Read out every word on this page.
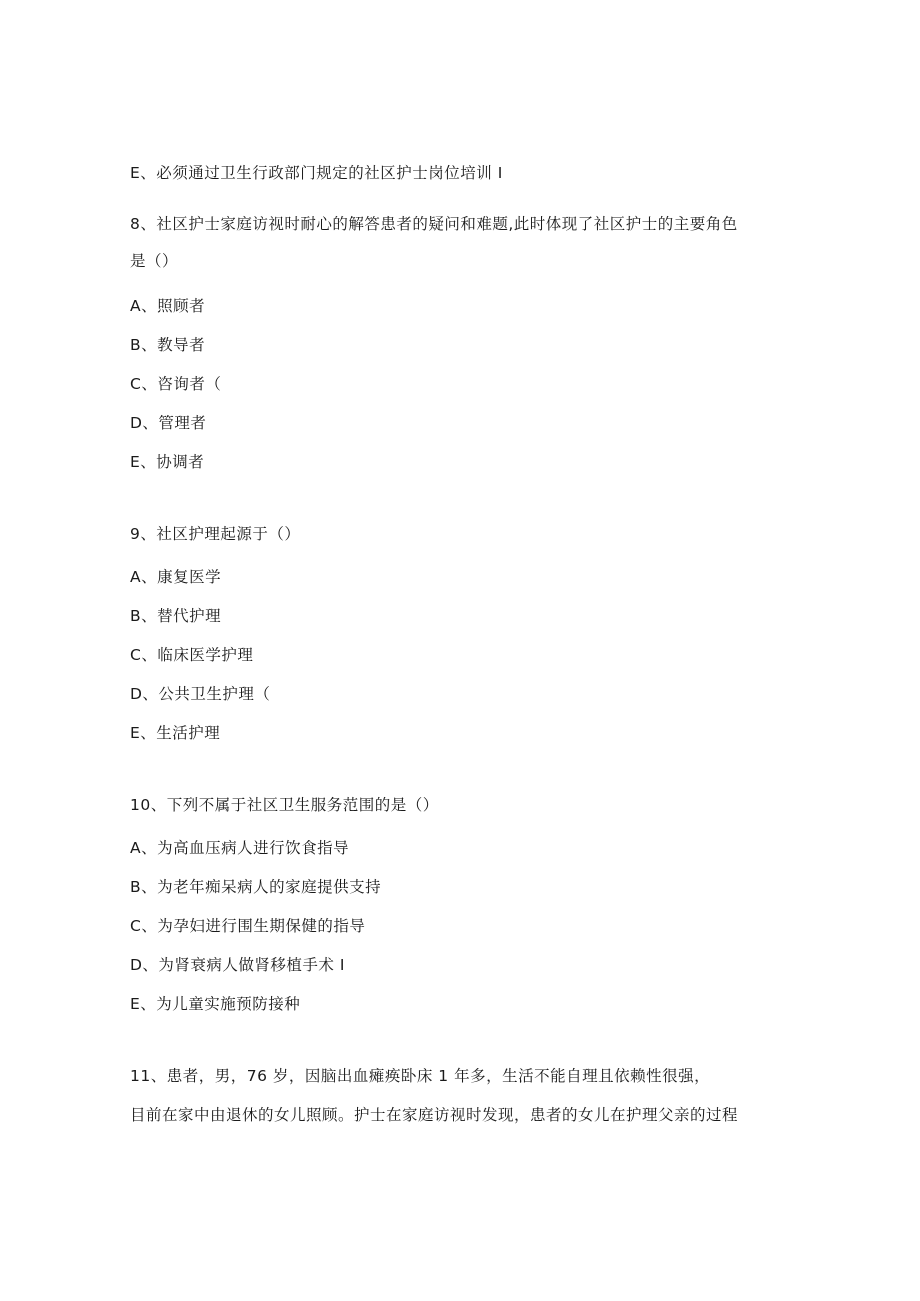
E、必须通过卫生行政部门规定的社区护士岗位培训 I
8、社区护士家庭访视时耐心的解答患者的疑问和难题,此时体现了社区护士的主要角色
是（）
A、照顾者
B、教导者
C、咨询者（
D、管理者
E、协调者
9、社区护理起源于（）
A、康复医学
B、替代护理
C、临床医学护理
D、公共卫生护理（
E、生活护理
10、下列不属于社区卫生服务范围的是（）
A、为高血压病人进行饮食指导
B、为老年痴呆病人的家庭提供支持
C、为孕妇进行围生期保健的指导
D、为肾衰病人做肾移植手术 I
E、为儿童实施预防接种
11、患者，男，76 岁，因脑出血瘫痪卧床 1 年多，生活不能自理且依赖性很强，
目前在家中由退休的女儿照顾。护士在家庭访视时发现，患者的女儿在护理父亲的过程
